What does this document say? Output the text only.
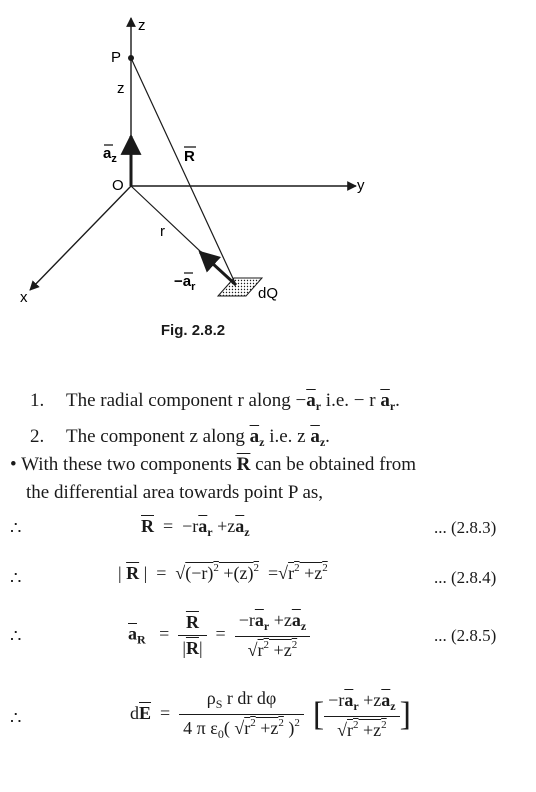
z
P
z
$a_z$	R
O	y
r
$-a_r$	dQ
x
Fig. 2.8.2
1. The radial component r along $-\overline{a}_r$ i.e. − r $\overline{a}_r$.
2. The component z along $\overline{a}_z$ i.e. z $\overline{a}_z$.
• With these two components $\overline{R}$ can be obtained from
the differential area towards point P as,
∴	$\overline{R} = -r\overline{a}_r +z\overline{a}_z$	... (2.8.3)
∴	| $\overline{R}$ |  =  $√(-r)^2 +(z)^2 =√r^2 +z^2$	... (2.8.4)
∴	$\overline{a}_R = \frac{\overline{R}}{|\overline{R}|} = \frac{-r\overline{a}_r +z\overline{a}_z}{√r^2 +z^2}$	... (2.8.5)
∴	$d\overline{E} = \frac{\rho_S r dr d\varphi}{4 \pi \varepsilon_0( √r^2 +z^2 )^2}$ [ $\frac{-r\overline{a}_r +z\overline{a}_z}{√r^2 +z^2}$ ]
